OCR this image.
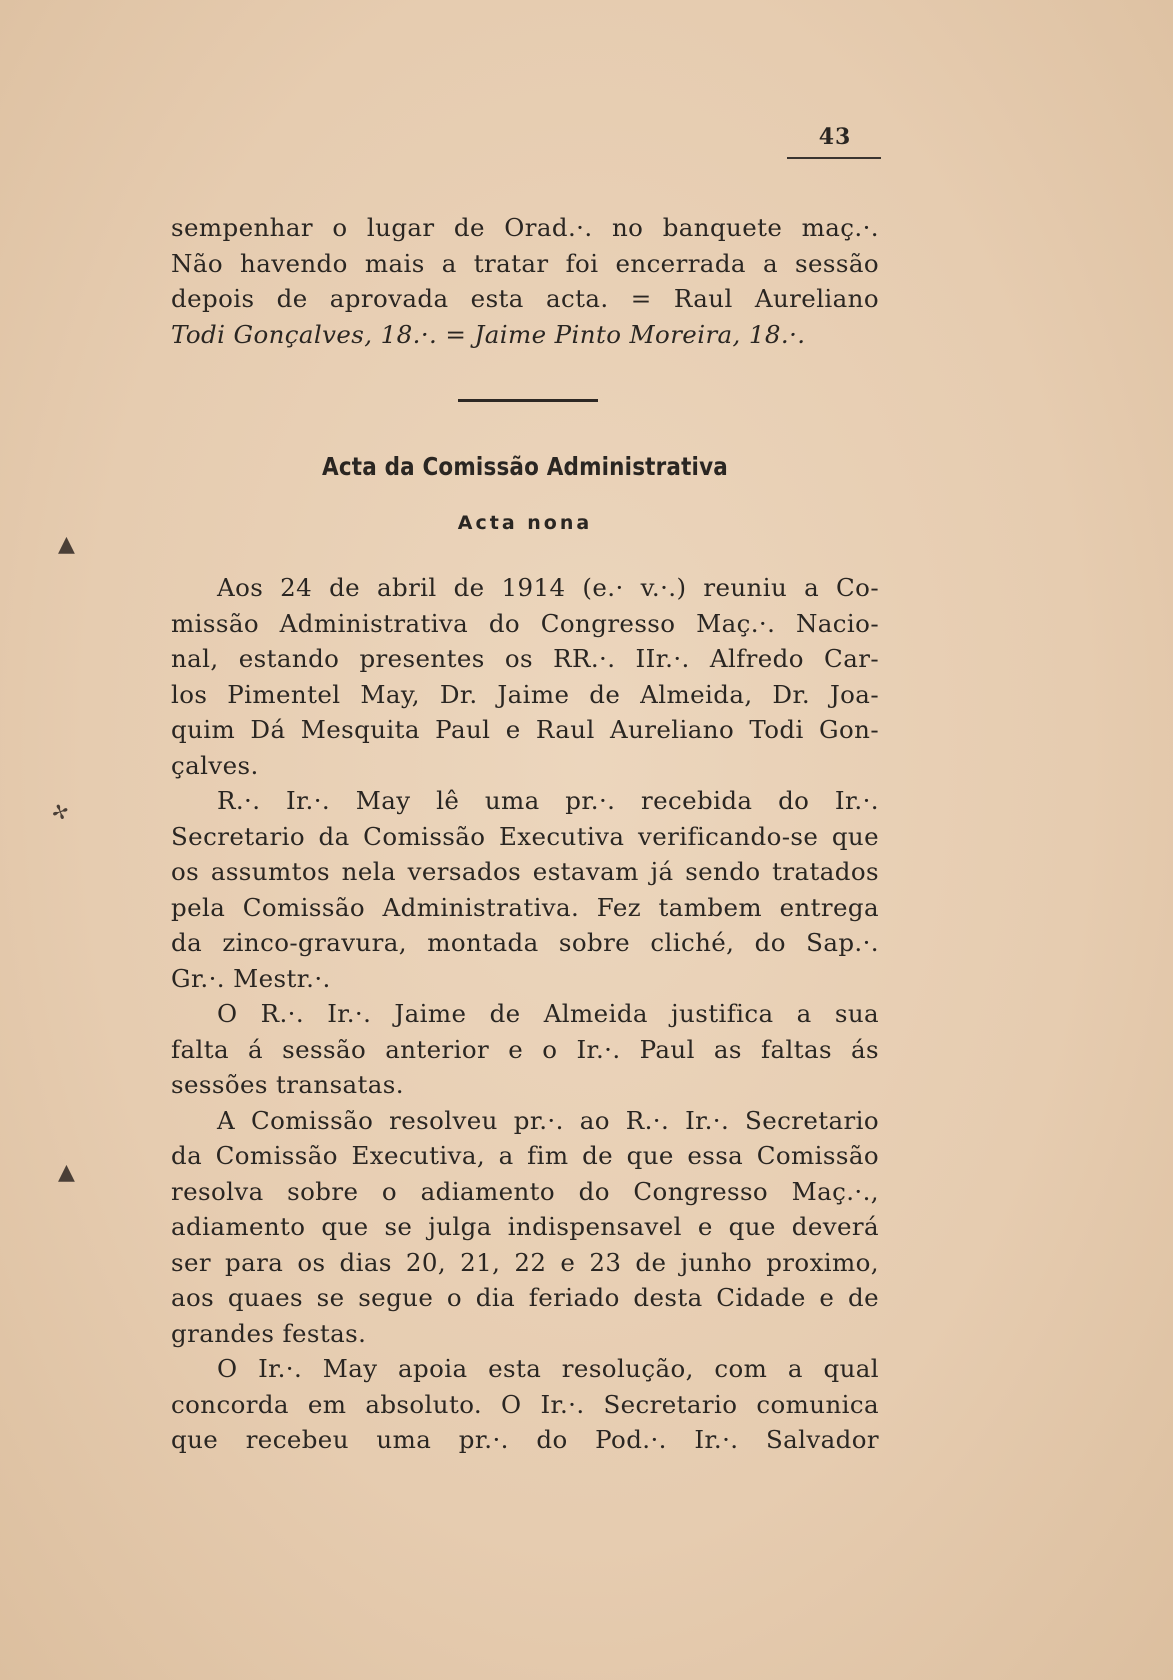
43
sempenhar o lugar de Orad.·. no banquete maç.·.
Não havendo mais a tratar foi encerrada a sessão
depois de aprovada esta acta. = Raul Aureliano
Todi Gonçalves, 18.·. = Jaime Pinto Moreira, 18.·.
Acta da Comissão Administrativa
Acta nona
Aos 24 de abril de 1914 (e.· v.·.) reuniu a Co-
missão Administrativa do Congresso Maç.·. Nacio-
nal, estando presentes os RR.·. IIr.·. Alfredo Car-
los Pimentel May, Dr. Jaime de Almeida, Dr. Joa-
quim Dá Mesquita Paul e Raul Aureliano Todi Gon-
çalves.
R.·. Ir.·. May lê uma pr.·. recebida do Ir.·.
Secretario da Comissão Executiva verificando-se que
os assumtos nela versados estavam já sendo tratados
pela Comissão Administrativa. Fez tambem entrega
da zinco-gravura, montada sobre cliché, do Sap.·.
Gr.·. Mestr.·.
O R.·. Ir.·. Jaime de Almeida justifica a sua
falta á sessão anterior e o Ir.·. Paul as faltas ás
sessões transatas.
A Comissão resolveu pr.·. ao R.·. Ir.·. Secretario
da Comissão Executiva, a fim de que essa Comissão
resolva sobre o adiamento do Congresso Maç.·.,
adiamento que se julga indispensavel e que deverá
ser para os dias 20, 21, 22 e 23 de junho proximo,
aos quaes se segue o dia feriado desta Cidade e de
grandes festas.
O Ir.·. May apoia esta resolução, com a qual
concorda em absoluto. O Ir.·. Secretario comunica
que recebeu uma pr.·. do Pod.·. Ir.·. Salvador
▲
✢
▲
